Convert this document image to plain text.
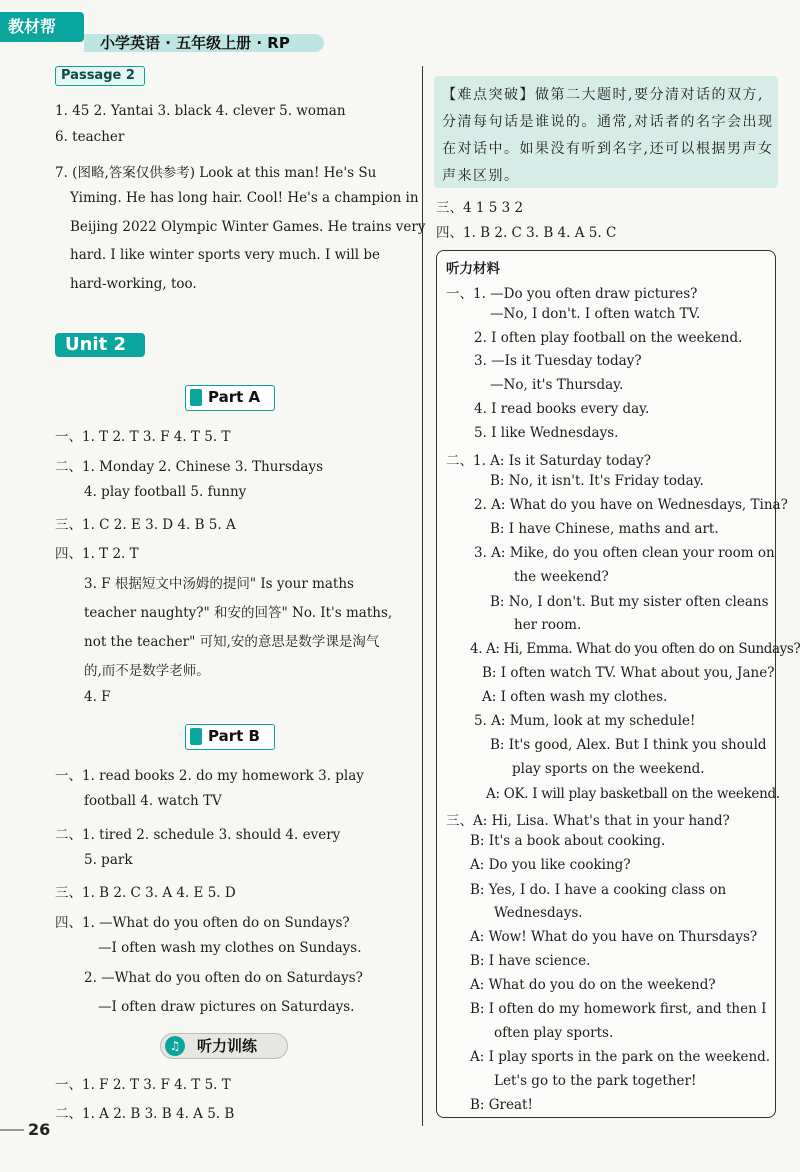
教材帮
小学英语 · 五年级上册 · RP
Passage 2
1. 45 2. Yantai 3. black 4. clever 5. woman
6. teacher
7. (图略,答案仅供参考) Look at this man! He's Su
Yiming. He has long hair. Cool! He's a champion in
Beijing 2022 Olympic Winter Games. He trains very
hard. I like winter sports very much. I will be
hard-working, too.
Unit 2
Part A
一、1. T 2. T 3. F 4. T 5. T
二、1. Monday 2. Chinese 3. Thursdays
4. play football 5. funny
三、1. C 2. E 3. D 4. B 5. A
四、1. T 2. T
3. F 根据短文中汤姆的提问" Is your maths
teacher naughty?" 和安的回答" No. It's maths,
not the teacher" 可知,安的意思是数学课是淘气
的,而不是数学老师。
4. F
Part B
一、1. read books 2. do my homework 3. play
football 4. watch TV
二、1. tired 2. schedule 3. should 4. every
5. park
三、1. B 2. C 3. A 4. E 5. D
四、1. —What do you often do on Sundays?
—I often wash my clothes on Sundays.
2. —What do you often do on Saturdays?
—I often draw pictures on Saturdays.
♫	听力训练
一、1. F 2. T 3. F 4. T 5. T
二、1. A 2. B 3. B 4. A 5. B
【难点突破】做第二大题时,要分清对话的双方,分清每句话是谁说的。通常,对话者的名字会出现在对话中。如果没有听到名字,还可以根据男声女声来区别。
三、4 1 5 3 2
四、1. B 2. C 3. B 4. A 5. C
听力材料
一、1. —Do you often draw pictures?
—No, I don't. I often watch TV.
2. I often play football on the weekend.
3. —Is it Tuesday today?
—No, it's Thursday.
4. I read books every day.
5. I like Wednesdays.
二、1. A: Is it Saturday today?
B: No, it isn't. It's Friday today.
2. A: What do you have on Wednesdays, Tina?
B: I have Chinese, maths and art.
3. A: Mike, do you often clean your room on
the weekend?
B: No, I don't. But my sister often cleans
her room.
4. A: Hi, Emma. What do you often do on Sundays?
B: I often watch TV. What about you, Jane?
A: I often wash my clothes.
5. A: Mum, look at my schedule!
B: It's good, Alex. But I think you should
play sports on the weekend.
A: OK. I will play basketball on the weekend.
三、A: Hi, Lisa. What's that in your hand?
B: It's a book about cooking.
A: Do you like cooking?
B: Yes, I do. I have a cooking class on
Wednesdays.
A: Wow! What do you have on Thursdays?
B: I have science.
A: What do you do on the weekend?
B: I often do my homework first, and then I
often play sports.
A: I play sports in the park on the weekend.
Let's go to the park together!
B: Great!
26
